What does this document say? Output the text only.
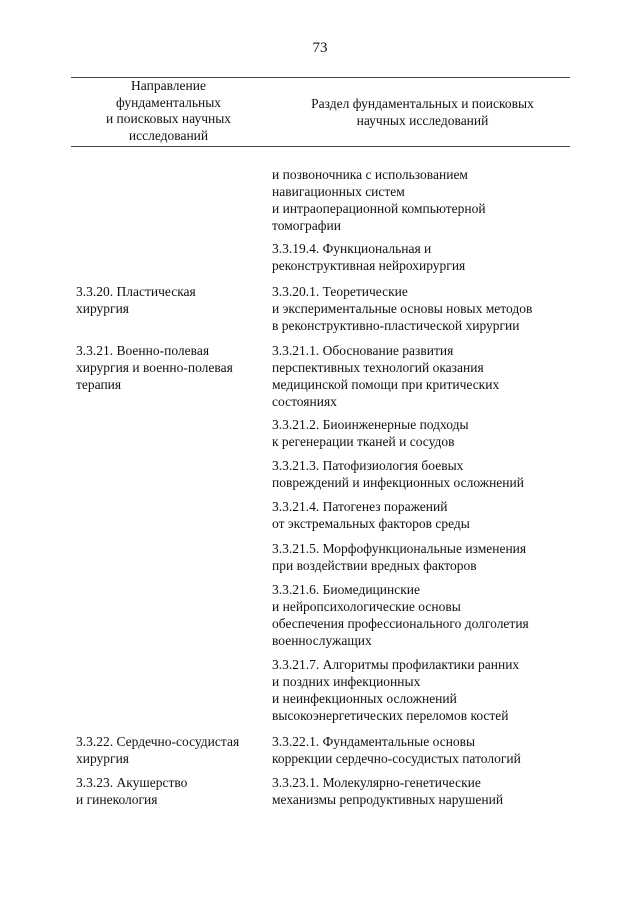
73
Направление
фундаментальных
и поисковых научных
исследований
Раздел фундаментальных и поисковых
научных исследований
и позвоночника с использованием
навигационных систем
и интраоперационной компьютерной
томографии
3.3.19.4. Функциональная и
реконструктивная нейрохирургия
3.3.20. Пластическая
хирургия
3.3.20.1. Теоретические
и экспериментальные основы новых методов
в реконструктивно-пластической хирургии
3.3.21. Военно-полевая
хирургия и военно-полевая
терапия
3.3.21.1. Обоснование развития
перспективных технологий оказания
медицинской помощи при критических
состояниях
3.3.21.2. Биоинженерные подходы
к регенерации тканей и сосудов
3.3.21.3. Патофизиология боевых
повреждений и инфекционных осложнений
3.3.21.4. Патогенез поражений
от экстремальных факторов среды
3.3.21.5. Морфофункциональные изменения
при воздействии вредных факторов
3.3.21.6. Биомедицинские
и нейропсихологические основы
обеспечения профессионального долголетия
военнослужащих
3.3.21.7. Алгоритмы профилактики ранних
и поздних инфекционных
и неинфекционных осложнений
высокоэнергетических переломов костей
3.3.22. Сердечно-сосудистая
хирургия
3.3.22.1. Фундаментальные основы
коррекции сердечно-сосудистых патологий
3.3.23. Акушерство
и гинекология
3.3.23.1. Молекулярно-генетические
механизмы репродуктивных нарушений
